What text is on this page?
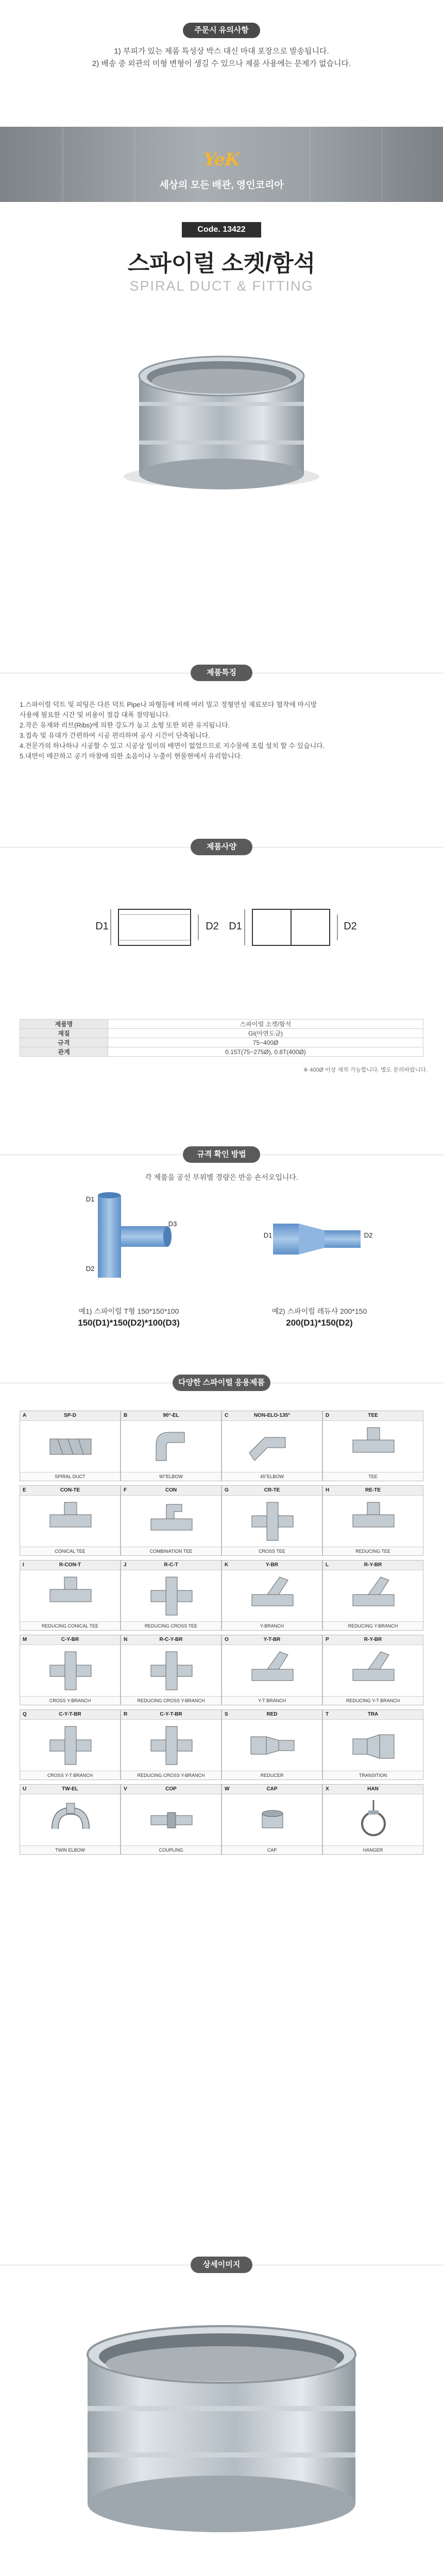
주문시 유의사항
1) 부피가 있는 제품 특성상 박스 대신 마대 포장으로 발송됩니다.
2) 배송 중 외관의 미형 변형이 생길 수 있으나 제품 사용에는 문제가 없습니다.
YeK
세상의 모든 배관, 영인코리아
Code. 13422
스파이럴 소켓/함석
SPIRAL DUCT & FITTING
제품특징
1.스파이럴 덕트 및 피팅은 다른 덕트 Pipe나 파형들에 비해 여러 밀고 정형연성 재료보다 협착에 마시방
사용에 필요한 시간 및 비용이 절감 대폭 절약됩니다.
2.작은 유재와 리브(Ribs)에 의한 강도가 높고 소형 또한 외관 유지됩니다.
3.접속 및 유대가 간편하여 시공 편리하며 공사 시간이 단축됩니다.
4.전문가의 하나하나 시공할 수 있고 시공상 일이의 배면이 없었으므로 지수물에 조립 설치 할 수 있습니다.
5.내면이 매끈하고 공기 마찰에 의한 소음이나 누출이 현물현에서 유리합니다.
제품사양
D1	D2 D1	D2
제품명	스파이럴 소켓/함석
재질	GI(아연도금)
규격	75~400Ø
관계	0.15T(75~275Ø), 0.8T(400Ø)
※ 400Ø 이상 제작 가능합니다. 별도 문의바랍니다.
규격 확인 방법
각 제품을 공선 부위별 경량은 반응 숀서오입니다.
D1
D2
D3
D1	D2
예1) 스파이럴 T형 150*150*100
150(D1)*150(D2)*100(D3)
예2) 스파이럴 레듀샤 200*150
200(D1)*150(D2)
다양한 스파이럴 응용제품
A	SP-D
SPIRAL DUCT
B	90°-EL
90°ELBOW
C	NON-ELO-135°
45°ELBOW
D	TEE
TEE
E	CON-TE
CONICAL TEE
F	CON
COMBINATION TEE
G	CR-TE
CROSS TEE
H	RE-TE
REDUCING TEE
I	R-CON-T
REDUCING CONICAL TEE
J	R-C-T
REDUCING CROSS TEE
K	Y-BR
Y-BRANCH
L	R-Y-BR
REDUCING Y-BRANCH
M	C-Y-BR
CROSS Y-BRANCH
N	R-C-Y-BR
REDUCING CROSS Y-BRANCH
O	Y-T-BR
Y-T BRANCH
P	R-Y-BR
REDUCING Y-T BRANCH
Q	C-Y-T-BR
CROSS Y-T BRANCH
R	C-Y-T-BR
REDUCING CROSS Y-BRANCH
S	RED
REDUCER
T	TRA
TRANSITION
U	TW-EL
TWIN ELBOW
V	COP
COUPLING
W	CAP
CAP
X	HAN
HANGER
상세이미지
